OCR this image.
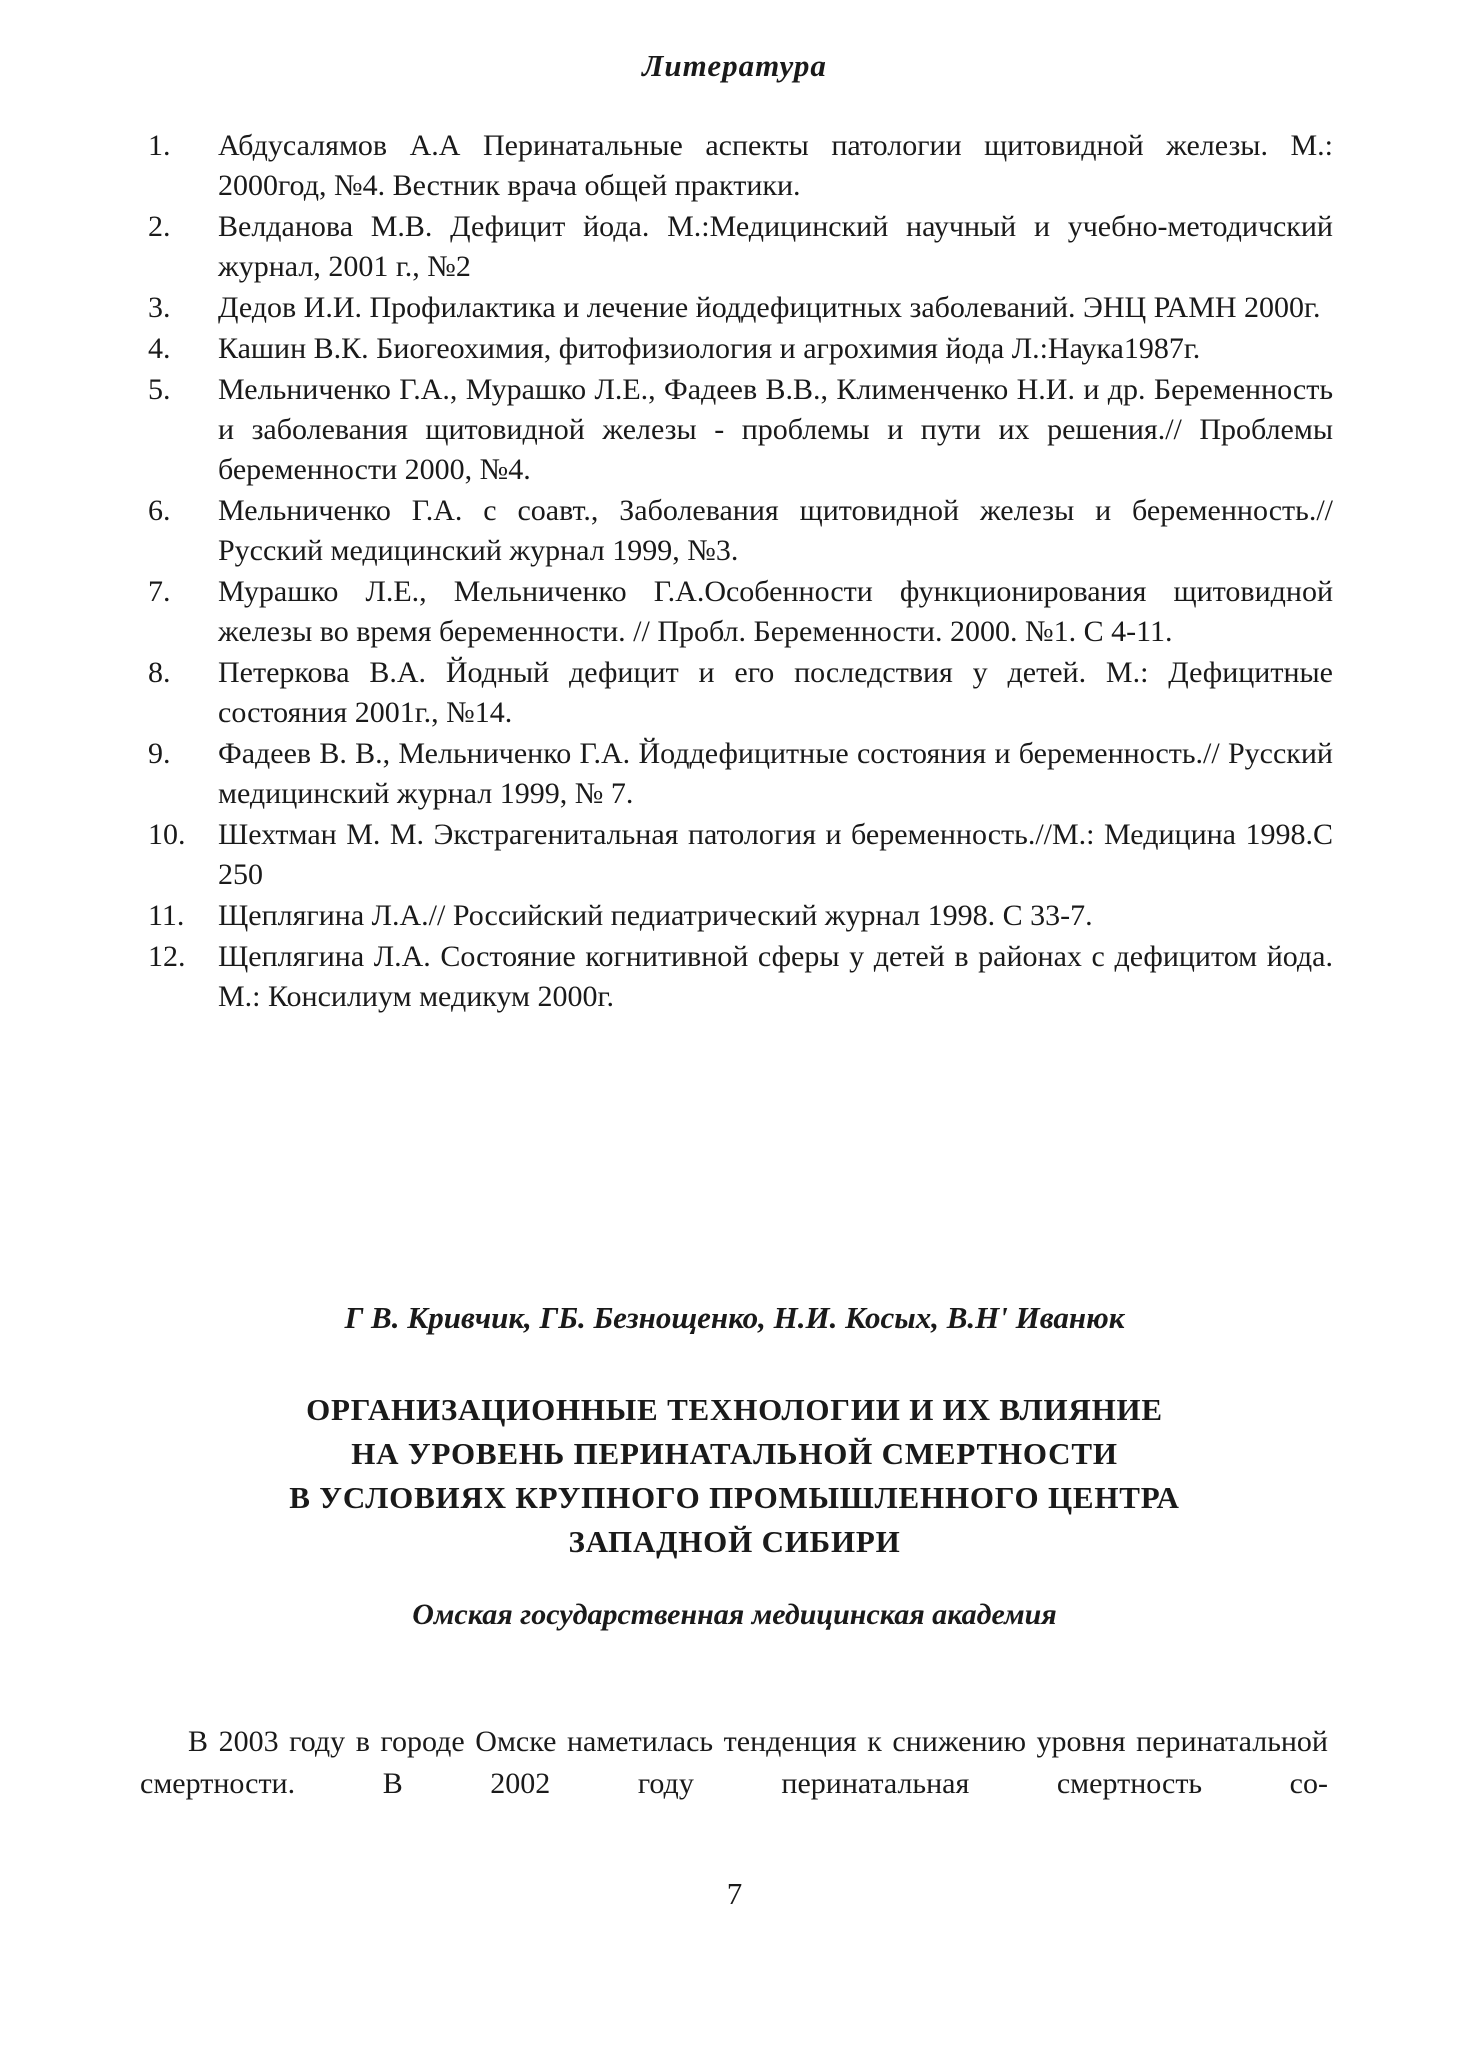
Литература
1.	Абдусалямов А.А Перинатальные аспекты патологии щитовидной железы. М.: 2000год, №4. Вестник врача общей практики.
2.	Велданова М.В. Дефицит йода. М.:Медицинский научный и учебно-методичский журнал, 2001 г., №2
3.	Дедов И.И. Профилактика и лечение йоддефицитных заболеваний. ЭНЦ РАМН 2000г.
4.	Кашин В.К. Биогеохимия, фитофизиология и агрохимия йода Л.:Наука1987г.
5.	Мельниченко Г.А., Мурашко Л.Е., Фадеев В.В., Клименченко Н.И. и др. Беременность и заболевания щитовидной железы - проблемы и пути их решения.// Проблемы беременности 2000, №4.
6.	Мельниченко Г.А. с соавт., Заболевания щитовидной железы и беременность.// Русский медицинский журнал 1999, №3.
7.	Мурашко Л.Е., Мельниченко Г.А.Особенности функционирования щитовидной железы во время беременности. // Пробл. Беременности. 2000. №1. С 4-11.
8.	Петеркова В.А. Йодный дефицит и его последствия у детей. М.: Дефицитные состояния 2001г., №14.
9.	Фадеев В. В., Мельниченко Г.А. Йоддефицитные состояния и беременность.// Русский медицинский журнал 1999, № 7.
10.	Шехтман М. М. Экстрагенитальная патология и беременность.//М.: Медицина 1998.С 250
11.	Щеплягина Л.А.// Российский педиатрический журнал 1998. С 33-7.
12.	Щеплягина Л.А. Состояние когнитивной сферы у детей в районах с дефицитом йода. М.: Консилиум медикум 2000г.
Г В. Кривчик, ГБ. Безнощенко, Н.И. Косых, В.Н' Иванюк
ОРГАНИЗАЦИОННЫЕ ТЕХНОЛОГИИ И ИХ ВЛИЯНИЕ
НА УРОВЕНЬ ПЕРИНАТАЛЬНОЙ СМЕРТНОСТИ
В УСЛОВИЯХ КРУПНОГО ПРОМЫШЛЕННОГО ЦЕНТРА
ЗАПАДНОЙ СИБИРИ
Омская государственная медицинская академия
В 2003 году в городе Омске наметилась тенденция к снижению уровня перинатальной смертности. В 2002 году перинатальная смертность со-
7
